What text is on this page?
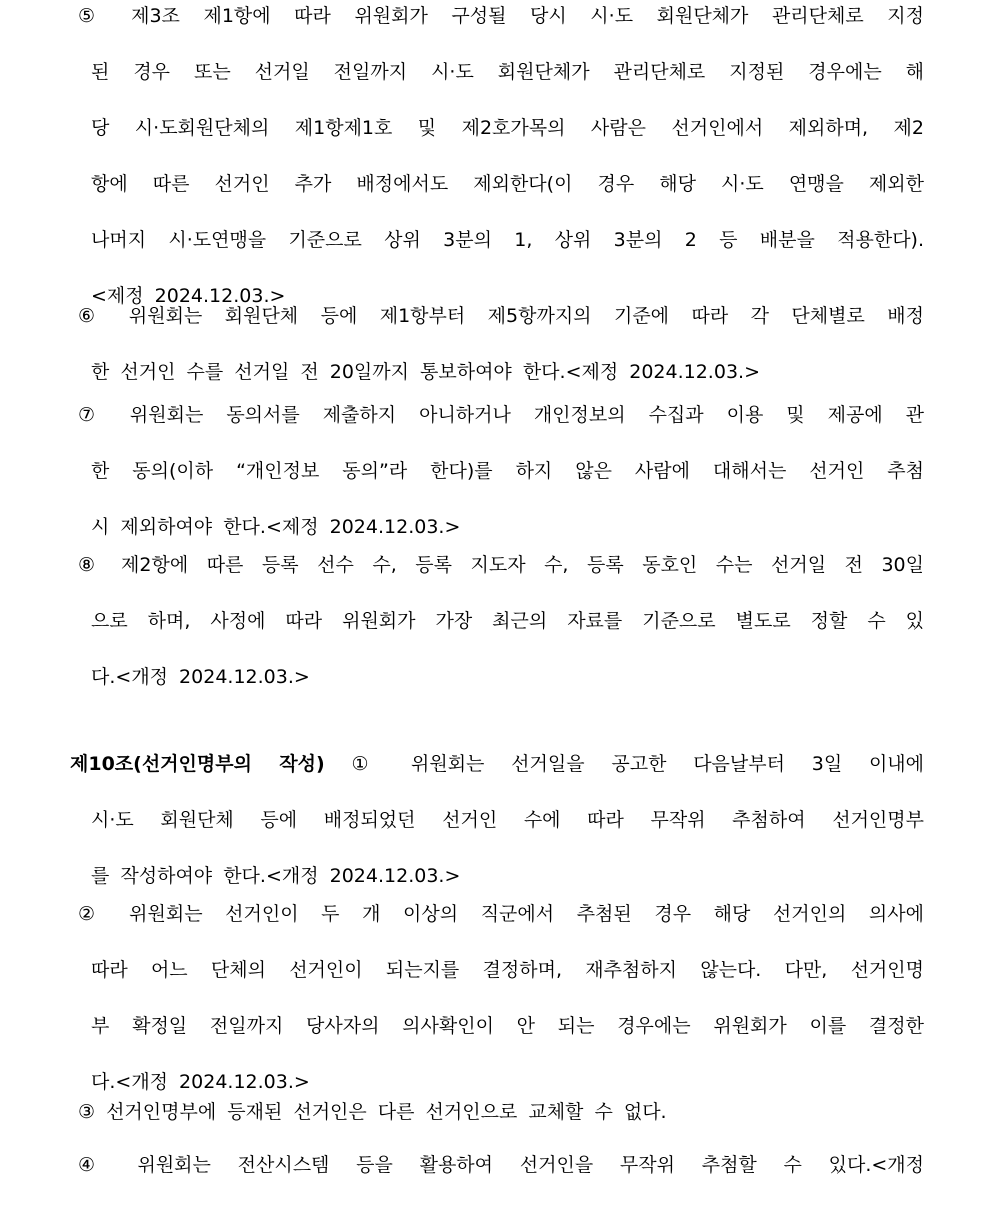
⑤ 제3조 제1항에 따라 위원회가 구성될 당시 시·도 회원단체가 관리단체로 지정
된 경우 또는 선거일 전일까지 시·도 회원단체가 관리단체로 지정된 경우에는 해
당 시·도회원단체의 제1항제1호 및 제2호가목의 사람은 선거인에서 제외하며, 제2
항에 따른 선거인 추가 배정에서도 제외한다(이 경우 해당 시·도 연맹을 제외한
나머지 시·도연맹을 기준으로 상위 3분의 1, 상위 3분의 2 등 배분을 적용한다).
<제정 2024.12.03.>
⑥ 위원회는 회원단체 등에 제1항부터 제5항까지의 기준에 따라 각 단체별로 배정
한 선거인 수를 선거일 전 20일까지 통보하여야 한다.<제정 2024.12.03.>
⑦ 위원회는 동의서를 제출하지 아니하거나 개인정보의 수집과 이용 및 제공에 관
한 동의(이하 “개인정보 동의”라 한다)를 하지 않은 사람에 대해서는 선거인 추첨
시 제외하여야 한다.<제정 2024.12.03.>
⑧ 제2항에 따른 등록 선수 수, 등록 지도자 수, 등록 동호인 수는 선거일 전 30일
으로 하며, 사정에 따라 위원회가 가장 최근의 자료를 기준으로 별도로 정할 수 있
다.<개정 2024.12.03.>
제10조(선거인명부의 작성) ① 위원회는 선거일을 공고한 다음날부터 3일 이내에
시·도 회원단체 등에 배정되었던 선거인 수에 따라 무작위 추첨하여 선거인명부
를 작성하여야 한다.<개정 2024.12.03.>
② 위원회는 선거인이 두 개 이상의 직군에서 추첨된 경우 해당 선거인의 의사에
따라 어느 단체의 선거인이 되는지를 결정하며, 재추첨하지 않는다. 다만, 선거인명
부 확정일 전일까지 당사자의 의사확인이 안 되는 경우에는 위원회가 이를 결정한
다.<개정 2024.12.03.>
③ 선거인명부에 등재된 선거인은 다른 선거인으로 교체할 수 없다.
④ 위원회는 전산시스템 등을 활용하여 선거인을 무작위 추첨할 수 있다.<개정
